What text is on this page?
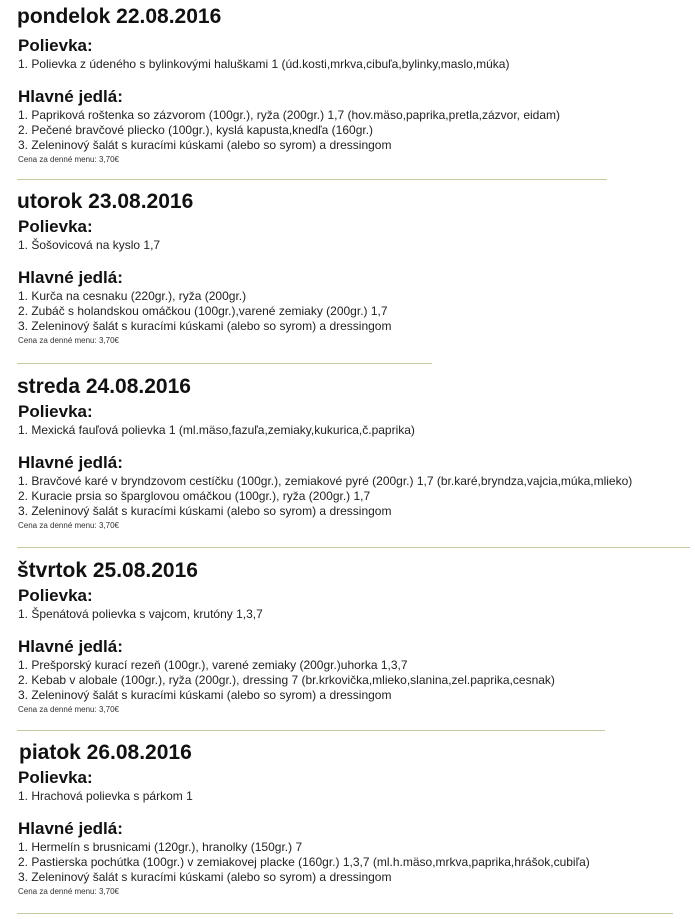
pondelok 22.08.2016
Polievka:
1. Polievka z údeného s bylinkovými haluškami 1 (úd.kosti,mrkva,cibuľa,bylinky,maslo,múka)
Hlavné jedlá:
1. Papriková roštenka so zázvorom (100gr.), ryža (200gr.) 1,7 (hov.mäso,paprika,pretla,zázvor, eidam)
2. Pečené bravčové pliecko (100gr.), kyslá kapusta,knedľa (160gr.)
3. Zeleninový šalát s kuracími kúskami (alebo so syrom) a dressingom
Cena za denné menu: 3,70€
utorok 23.08.2016
Polievka:
1. Šošovicová na kyslo 1,7
Hlavné jedlá:
1. Kurča na cesnaku (220gr.), ryža (200gr.)
2. Zubáč s holandskou omáčkou (100gr.),varené zemiaky (200gr.) 1,7
3. Zeleninový šalát s kuracími kúskami (alebo so syrom) a dressingom
Cena za denné menu: 3,70€
streda 24.08.2016
Polievka:
1. Mexická fauľová polievka 1 (ml.mäso,fazuľa,zemiaky,kukurica,č.paprika)
Hlavné jedlá:
1. Bravčové karé v bryndzovom cestíčku (100gr.), zemiakové pyré (200gr.) 1,7 (br.karé,bryndza,vajcia,múka,mlieko)
2. Kuracie prsia so šparglovou omáčkou (100gr.), ryža (200gr.) 1,7
3. Zeleninový šalát s kuracími kúskami (alebo so syrom) a dressingom
Cena za denné menu: 3,70€
štvrtok 25.08.2016
Polievka:
1. Špenátová polievka s vajcom, krutóny 1,3,7
Hlavné jedlá:
1. Prešporský kurací rezeň (100gr.), varené zemiaky (200gr.)uhorka 1,3,7
2. Kebab v alobale (100gr.), ryža (200gr.), dressing 7 (br.krkovička,mlieko,slanina,zel.paprika,cesnak)
3. Zeleninový šalát s kuracími kúskami (alebo so syrom) a dressingom
Cena za denné menu: 3,70€
piatok 26.08.2016
Polievka:
1. Hrachová polievka s párkom 1
Hlavné jedlá:
1. Hermelín s brusnicami (120gr.), hranolky (150gr.) 7
2. Pastierska pochútka (100gr.) v zemiakovej placke (160gr.) 1,3,7 (ml.h.mäso,mrkva,paprika,hrášok,cubiľa)
3. Zeleninový šalát s kuracími kúskami (alebo so syrom) a dressingom
Cena za denné menu: 3,70€
